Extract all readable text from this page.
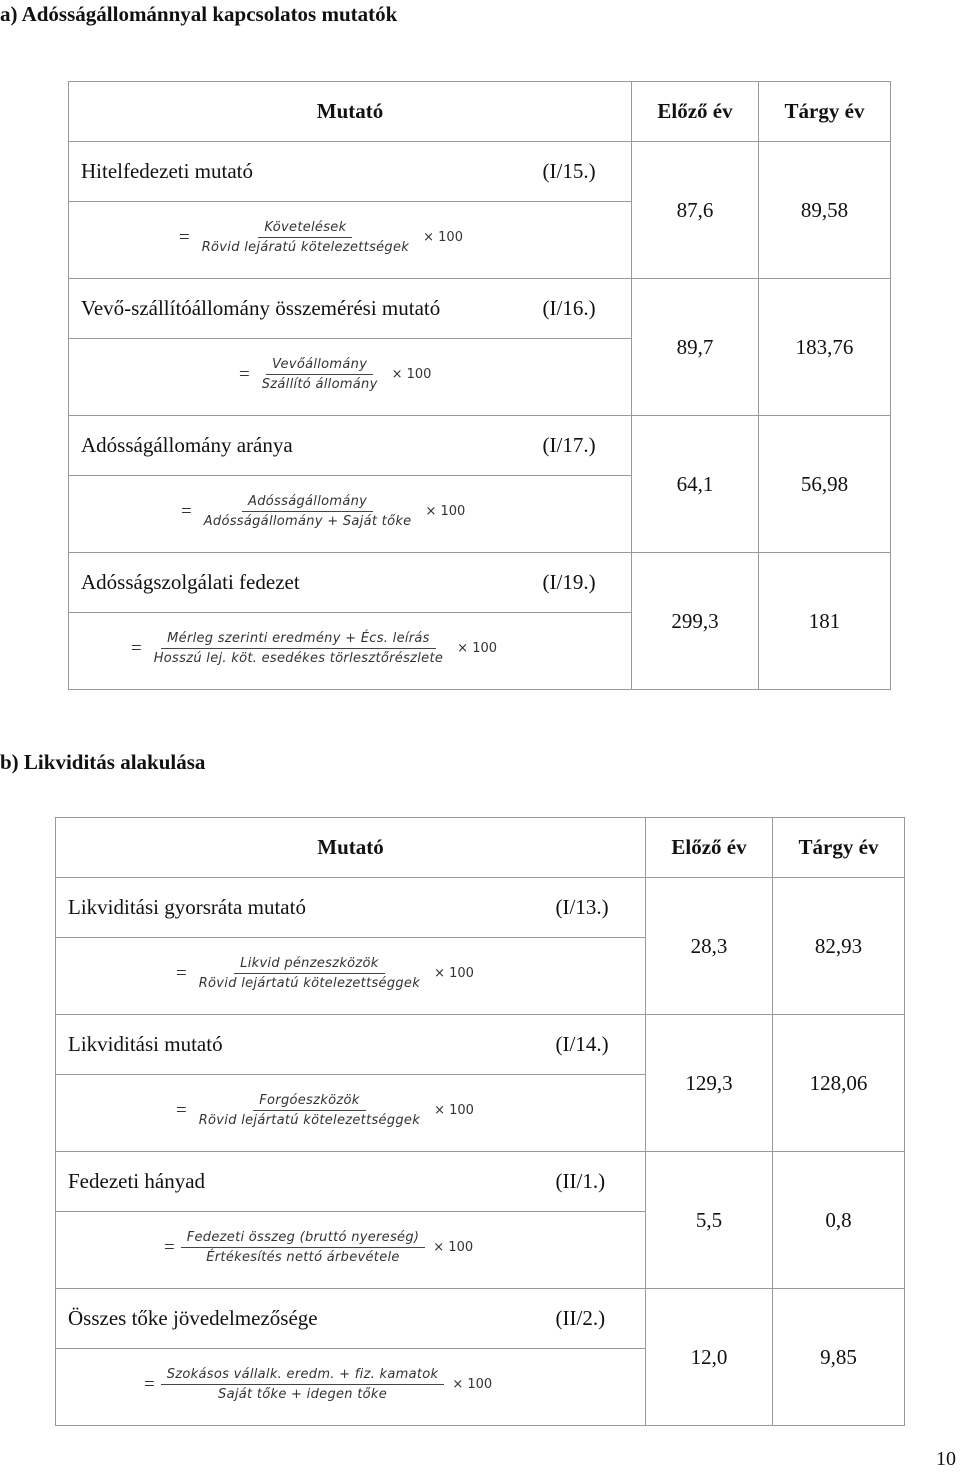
a) Adósságállománnyal kapcsolatos mutatók
Mutató		Előző év	Tárgy év
Hitelfedezeti mutató	(I/15.)	87,6	89,58

= $\frac{\text{Követelések}}{\text{Rövid lejáratú kötelezettségek}} \times 100$			

Vevő-szállítóállomány összemérési mutató	(I/16.)	89,7	183,76

= $\frac{\text{Vevőállomány}}{\text{Szállító állomány}} \times 100$			

Adósságállomány aránya	(I/17.)	64,1	56,98

= $\frac{\text{Adósságállomány}}{\text{Adósságállomány + Saját tőke}} \times 100$			

Adósságszolgálati fedezet	(I/19.)	299,3	181

= $\frac{\text{Mérleg szerinti eredmény + Écs. leírás}}{\text{Hosszú lej. köt. esedékes törlesztőrészlete}} \times 100$			
b) Likviditás alakulása
Mutató		Előző év	Tárgy év
Likviditási gyorsráta mutató	(I/13.)	28,3	82,93

= $\frac{\text{Likvid pénzeszközök}}{\text{Rövid lejártatú kötelezettséggek}} \times 100$			

Likviditási mutató	(I/14.)	129,3	128,06

= $\frac{\text{Forgóeszközök}}{\text{Rövid lejártatú kötelezettséggek}} \times 100$			

Fedezeti hányad	(II/1.)	5,5	0,8

= $\frac{\text{Fedezeti összeg (bruttó nyereség)}}{\text{Értékesítés nettó árbevétele}} \times 100$			

Összes tőke jövedelmezősége	(II/2.)	12,0	9,85

= $\frac{\text{Szokásos vállalk. eredm. + fiz. kamatok}}{\text{Saját tőke + idegen tőke}} \times 100$			
10
